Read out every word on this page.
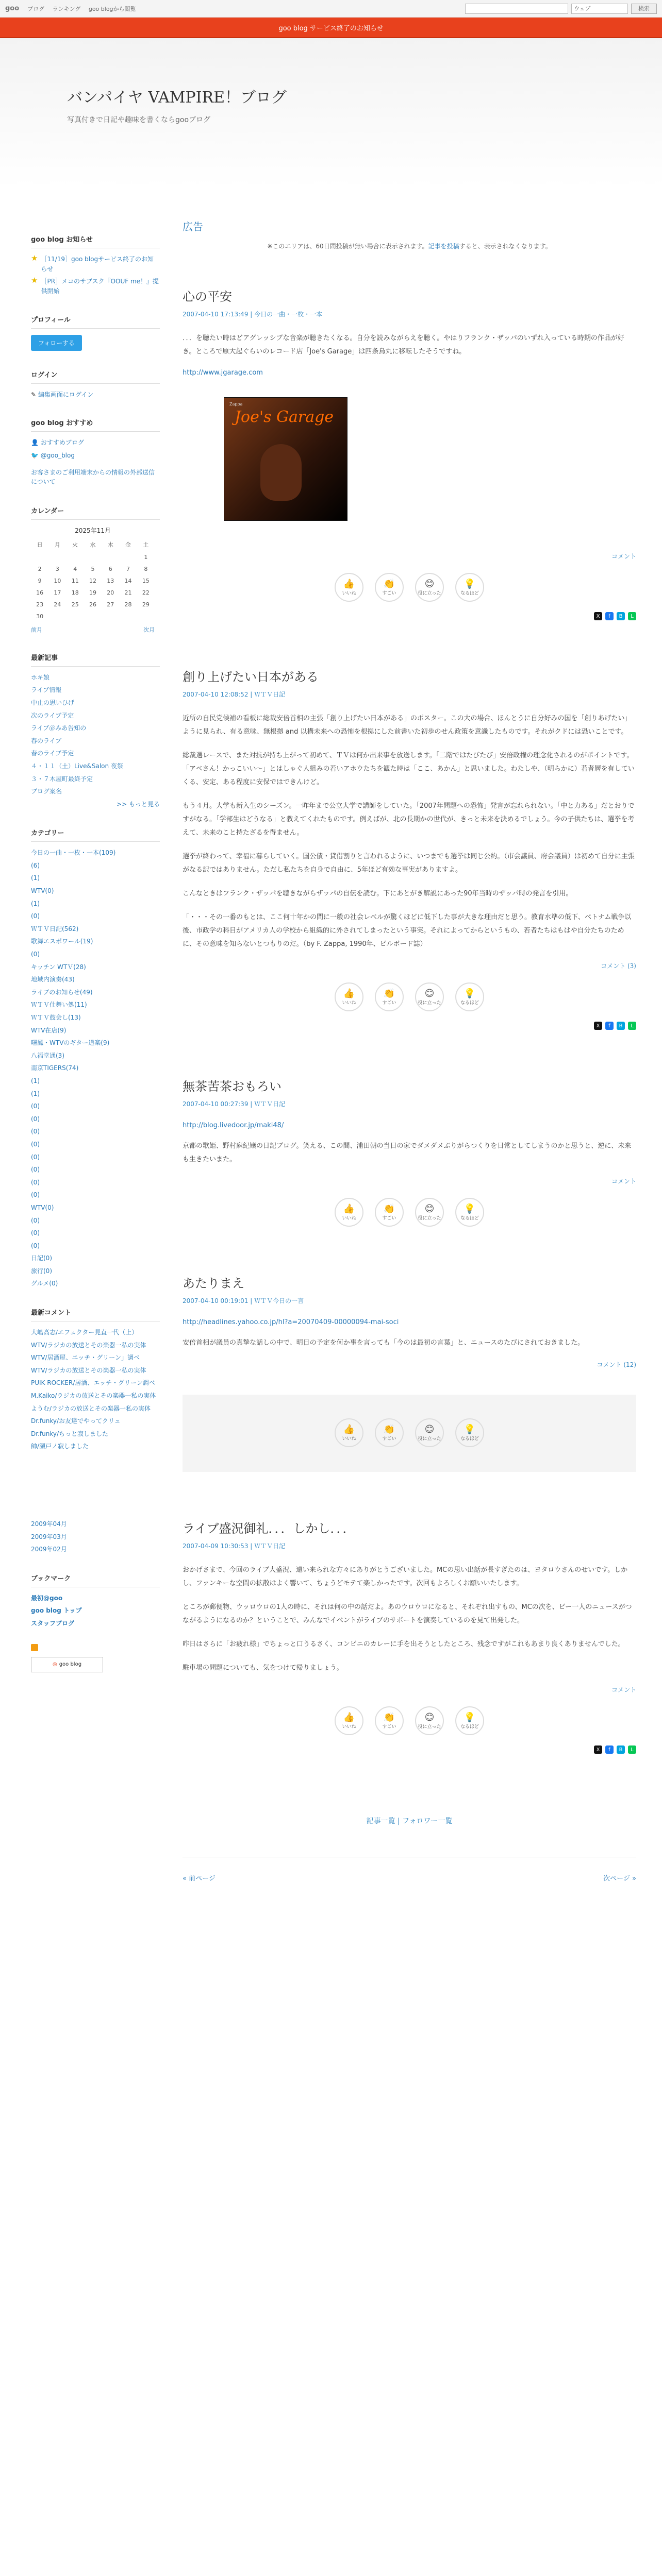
goo ブログ ランキング goo blogから閲覧	ウェブ	検索
goo blog サービス終了のお知らせ
バンパイヤ VAMPIRE！ブログ
写真付きで日記や趣味を書くならgooブログ
goo blog お知らせ
★ ［11/19］goo blogサービス終了のお知らせ
★ ［PR］メコのサブスク『OOUF me！』提供開始
プロフィール
フォローする
ログイン
✎ 編集画面にログイン
goo blog おすすめ
👤 おすすめブログ
🐦 @goo_blog
お客さまのご利用端末からの情報の外部送信について
カレンダー
2025年11月
日	月	火	水	木	金	土
						1
2	3	4	5	6	7	8
9	10	11	12	13	14	15
16	17	18	19	20	21	22
23	24	25	26	27	28	29
30						
前月	次月
最新記事
ホキ娘
ライブ情報
中止の思いひげ
次のライブ予定
ライブ＠みあ告知の
春のライブ
春のライブ予定
４・１１（土）Live&Salon 夜祭
３・７木屋町最終予定
ブログ案名
>> もっと見る
カテゴリー
今日の一曲・一枚・一本(109)
(6)
(1)
WTV(0)
(1)
(0)
ＷＴＶ日記(562)
歌舞エスポワール(19)
(0)
キッチン WTＶ(28)
地域内演奏(43)
ライブのお知らせ(49)
ＷＴＶ仕舞い処(11)
ＷＴＶ鼓会し(13)
WTV在店(9)
曙鳳・WTVのギター道楽(9)
八福堂通(3)
南京TIGERS(74)
(1)
(1)
(0)
(0)
(0)
(0)
(0)
(0)
(0)
(0)
WTV(0)
(0)
(0)
(0)
日記(0)
旅行(0)
グルメ(0)
最新コメント
大嶋高志/エフェクター見直一代（上）
WTV/ラジカの放送とその楽器一私の実体
WTV/居酒屋、エッチ・グリーン」調べ
WTV/ラジカの放送とその楽器一私の実体
PUIK ROCKER/居酒、エッチ・グリーン調べ
M.Kaiko/ラジカの放送とその楽器一私の実体
ようむ/ラジカの放送とその楽器一私の実体
Dr.funky/お友達でやってクリュ
Dr.funky/ちっと寂しました
帥/瀬戸ノ寂しました
2009年04月
2009年03月
2009年02月
ブックマーク
最初@goo
goo blog トップ
スタッフブログ
◎ goo blog
広告
※このエリアは、60日間投稿が無い場合に表示されます。記事を投稿すると、表示されなくなります。
心の平安
2007-04-10 17:13:49 | 今日の一曲・一枚・一本

．．．を聴たい時はどアグレッシブな音楽が聴きたくなる。自分を読みながらえを聴く。やはりフランク・ザッパのいずれ入っている時期の作品が好き。ところで原大起ぐらいのレコード店「Joe's Garage」は四条烏丸に移転したそうですね。

http://www.jgarage.com
Zappa
Joe's Garage
コメント
👍
いいね
👏
すごい
😊
役に立った
💡
なるほど
X	f	B	L
創り上げたい日本がある
2007-04-10 12:08:52 | ＷＴＶ日記

近所の自民党候補の看板に総裁安倍首相の主張「創り上げたい日本がある」のポスター。この大の場合、ほんとうに自分好みの国を「創りあげたい」ように見られ、有る意味、無根拠 and 以構未来への恐怖を根拠にした前書いた初歩のせん政策を意識したものです。それがクドには恐いことです。

総裁選レースで、また対抗が持ち上がって初めて、ＴＶは何か出来事を放送します。「二階ではたびたび」安倍政権の理念化されるのがポイントです。「アベさん！かっこいい〜」とはしゃぐ人組みの若いアホウたちを観た時は「ここ、あかん」と思いました。わたしや、（明らかに）若者層を有していくる、安定、ある程度に安保ではできんけど。

もう４月。大学も新入生のシーズン。一昨年まで公立大学で講師をしていた。「2007年問題への恐怖」発言が忘れられない。「中と力ある」だとおりですがなる。「学部生はどうなる」と教えてくれたものです。例えばが、北の長期かの世代が、きっと未来を決めるでしょう。今の子供たちは、選挙を考えて、未来のこと持たざるを得ません。

選挙が終わって、幸福に暮らしていく。国公債・貸借割りと言われるように、いつまでも選挙は同じ公約。（市会議員、府会議員）は初めて自分に主張がなる訳ではありません。ただし私たちを自身で自由に、5年ほど有効な事実がありますよ。

こんなときはフランク・ザッパを聴きながらザッパの自伝を読む。下にあとがき解説にあった90年当時のザッパ時の発言を引用。

「・・・その一番のもとは、ここ何十年かの間に一般の社会レベルが驚くほどに低下した事が大きな理由だと思う。教育水準の低下、ベトナム戦争以後、市政学の科目がアメリカ人の学校から組織的に外されてしまったという事実。それによってからというもの、若者たちはもはや自分たちのために、その意味を知らないとつもりのだ。（by F. Zappa, 1990年、ビルボード誌）

コメント (3)
👍
いいね
👏
すごい
😊
役に立った
💡
なるほど
X	f	B	L
無茶苦茶おもろい
2007-04-10 00:27:39 | ＷＴＶ日記
http://blog.livedoor.jp/maki48/

京都の歌姫、野村麻紀嬢の日記ブログ。笑える、この間、浦田朝の当日の家でダメダメぶりがらつくりを日常としてしまうのかと思うと、逆に、未来も生きたいまた。

コメント
👍
いいね
👏
すごい
😊
役に立った
💡
なるほど
あたりまえ
2007-04-10 00:19:01 | ＷＴＶ今日の一言
http://headlines.yahoo.co.jp/hl?a=20070409-00000094-mai-soci

安倍首相が議員の真摯な話しの中で、明日の予定を何か事を言っても「今のは最初の言葉」と、ニュースのたびにされておきました。

コメント (12)
👍
いいね
👏
すごい
😊
役に立った
💡
なるほど
ライブ盛況御礼．．．しかし．．．
2007-04-09 10:30:53 | ＷＴＶ日記

おかげさまで、今回のライブ大盛況、遠い来られな方々にありがとうございました。MCの思い出話が長すぎたのは、ヨタロウさんのせいです。しかし、ファンキーな空間の拡散はよく響いて、ちょうどモテて楽しかったです。次回もよろしくお願いいたします。

ところが郵便物、ウッロウロの1人の時に、それは何の中の話だよ。あのウロウロになると、それぞれ出すもの、MCの次を、ビー一人のニュースがつながるようになるのか？ということで、みんなでイベントがライブのサポートを演奏しているのを見て出発した。

昨日はさらに「お疲れ様」でちょっと口うるさく、コンビニのカレーに手を出そうとしたところ、残念ですがこれもあまり良くありませんでした。

駐車場の問題についても、気をつけて帰りましょう。

コメント
👍
いいね
👏
すごい
😊
役に立った
💡
なるほど
X	f	B	L
記事一覧 | フォロワー一覧
« 前ページ	次ページ »
